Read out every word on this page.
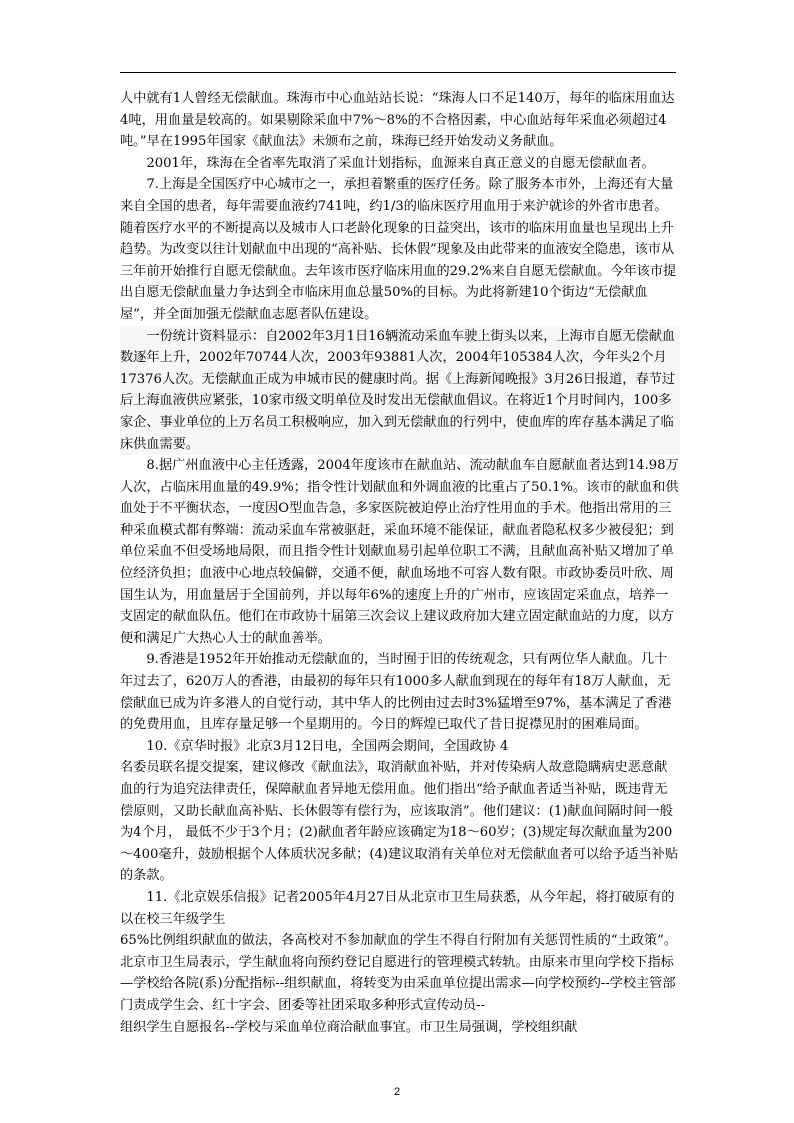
人中就有1人曾经无偿献血。珠海市中心血站站长说：“珠海人口不足140万，每年的临床用血达4吨，用血量是较高的。如果剔除采血中7%～8%的不合格因素，中心血站每年采血必须超过4吨。”早在1995年国家《献血法》未颁布之前，珠海已经开始发动义务献血。

2001年，珠海在全省率先取消了采血计划指标，血源来自真正意义的自愿无偿献血者。

7.上海是全国医疗中心城市之一，承担着繁重的医疗任务。除了服务本市外，上海还有大量来自全国的患者，每年需要血液约741吨，约1/3的临床医疗用血用于来沪就诊的外省市患者。随着医疗水平的不断提高以及城市人口老龄化现象的日益突出，该市的临床用血量也呈现出上升趋势。为改变以往计划献血中出现的“高补贴、长休假”现象及由此带来的血液安全隐患，该市从三年前开始推行自愿无偿献血。去年该市医疗临床用血的29.2%来自自愿无偿献血。今年该市提出自愿无偿献血量力争达到全市临床用血总量50%的目标。为此将新建10个街边“无偿献血屋”，并全面加强无偿献血志愿者队伍建设。

一份统计资料显示：自2002年3月1日16辆流动采血车驶上街头以来，上海市自愿无偿献血数逐年上升，2002年70744人次，2003年93881人次，2004年105384人次，今年头2个月17376人次。无偿献血正成为申城市民的健康时尚。据《上海新闻晚报》3月26日报道，春节过后上海血液供应紧张，10家市级文明单位及时发出无偿献血倡议。在将近1个月时间内，100多家企、事业单位的上万名员工积极响应，加入到无偿献血的行列中，使血库的库存基本满足了临床供血需要。

8.据广州血液中心主任透露，2004年度该市在献血站、流动献血车自愿献血者达到14.98万人次，占临床用血量的49.9%；指令性计划献血和外调血液的比重占了50.1%。该市的献血和供血处于不平衡状态，一度因O型血告急，多家医院被迫停止治疗性用血的手术。他指出常用的三种采血模式都有弊端：流动采血车常被驱赶，采血环境不能保证，献血者隐私权多少被侵犯；到单位采血不但受场地局限，而且指令性计划献血易引起单位职工不满，且献血高补贴又增加了单位经济负担；血液中心地点较偏僻，交通不便，献血场地不可容人数有限。市政协委员叶欣、周国生认为，用血量居于全国前列，并以每年6%的速度上升的广州市，应该固定采血点，培养一支固定的献血队伍。他们在市政协十届第三次会议上建议政府加大建立固定献血站的力度，以方便和满足广大热心人士的献血善举。

9.香港是1952年开始推动无偿献血的，当时囿于旧的传统观念，只有两位华人献血。几十年过去了，620万人的香港，由最初的每年只有1000多人献血到现在的每年有18万人献血，无偿献血已成为许多港人的自觉行动，其中华人的比例由过去时3%猛增至97%，基本满足了香港的免费用血，且库存量足够一个星期用的。今日的辉煌已取代了昔日捉襟见肘的困难局面。

10.《京华时报》北京3月12日电，全国两会期间，全国政协 4

名委员联名提交提案，建议修改《献血法》，取消献血补贴，并对传染病人故意隐瞒病史恶意献血的行为追究法律责任，保障献血者异地无偿用血。他们指出“给予献血者适当补贴，既违背无偿原则，又助长献血高补贴、长休假等有偿行为，应该取消”。他们建议：(1)献血间隔时间一般为4个月， 最低不少于3个月；(2)献血者年龄应该确定为18～60岁；(3)规定每次献血量为200～400毫升，鼓励根据个人体质状况多献；(4)建议取消有关单位对无偿献血者可以给予适当补贴的条款。

11.《北京娱乐信报》记者2005年4月27日从北京市卫生局获悉，从今年起，将打破原有的以在校三年级学生

65%比例组织献血的做法，各高校对不参加献血的学生不得自行附加有关惩罚性质的“土政策”。北京市卫生局表示，学生献血将向预约登记自愿进行的管理模式转轨。由原来市里向学校下指标—学校给各院(系)分配指标--组织献血，将转变为由采血单位提出需求—向学校预约--学校主管部门责成学生会、红十字会、团委等社团采取多种形式宣传动员--

组织学生自愿报名--学校与采血单位商洽献血事宜。市卫生局强调，学校组织献

2
